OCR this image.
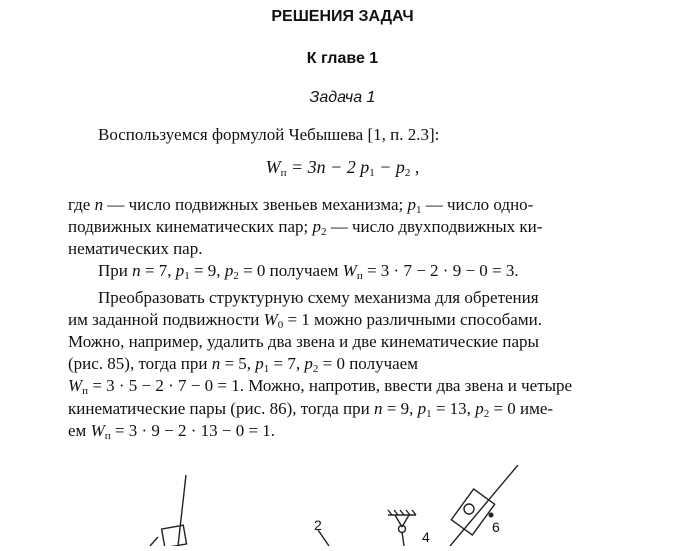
РЕШЕНИЯ ЗАДАЧ
К главе 1
Задача 1
Воспользуемся формулой Чебышева [1, п. 2.3]:
$W_п = 3n - 2$ $p_1 - p_2$ ,
где n — число подвижных звеньев механизма; $p_1$ — число одно-
подвижных кинематических пар; $p_2$ — число двухподвижных ки-
нематических пар.
При n = 7, $p_1 = 9$, $p_2 = 0$ получаем $W_п = 3 \cdot 7 - 2 \cdot 9 - 0 = 3$.
Преобразовать структурную схему механизма для обретения
им заданной подвижности $W_0 = 1$ можно различными способами.
Можно, например, удалить два звена и две кинематические пары
(рис. 85), тогда при n = 5, $p_1 = 7$, $p_2 = 0$ получаем
$W_п = 3 \cdot 5 - 2 \cdot 7 - 0 = 1$. Можно, напротив, ввести два звена и четыре
кинематические пары (рис. 86), тогда при n = 9, $p_1 = 13$, $p_2 = 0$ име-
ем $W_п = 3 \cdot 9 - 2 \cdot 13 - 0 = 1$.
2
4
6
